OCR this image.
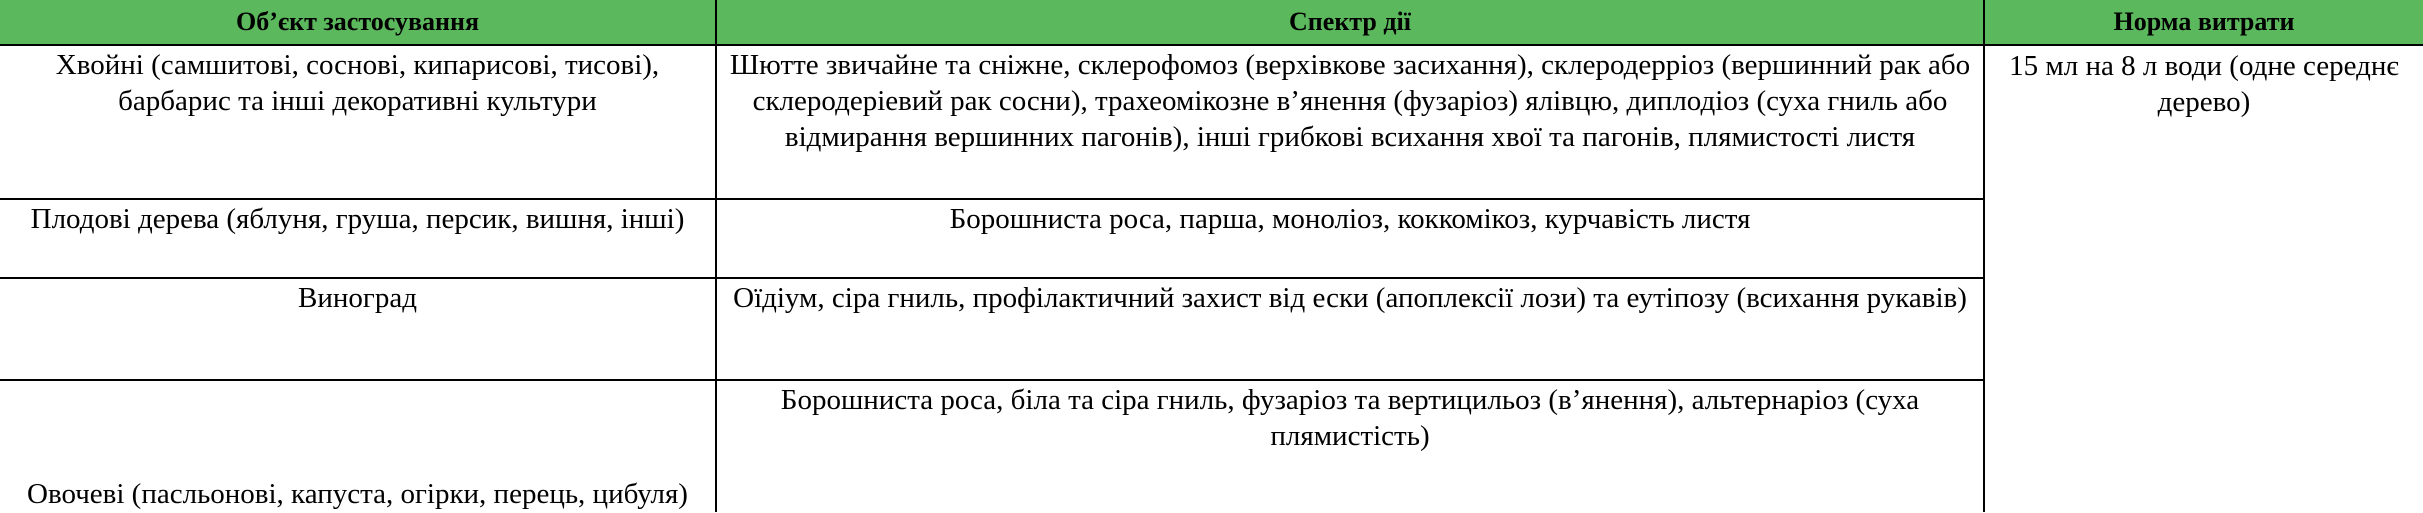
Об’єкт застосування	Спектр дії	Норма витрати
Хвойні (самшитові, соснові, кипарисові, тисові), барбарис та інші декоративні культури	Шютте звичайне та сніжне, склерофомоз (верхівкове засихання), склеродерріоз (вершинний рак або склеродеріевий рак сосни), трахеомікозне в’янення (фузаріоз) ялівцю, диплодіоз (суха гниль або відмирання вершинних пагонів), інші грибкові всихання хвої та пагонів, плямистості листя	15 мл на 8 л води (одне середнє дерево)
Плодові дерева (яблуня, груша, персик, вишня, інші)	Борошниста роса, парша, моноліоз, коккомікоз, курчавість листя	
Виноград	Оїдіум, сіра гниль, профілактичний захист від ески (апоплексії лози) та еутіпозу (всихання рукавів)	
Овочеві (пасльонові, капуста, огірки, перець, цибуля)	Борошниста роса, біла та сіра гниль, фузаріоз та вертицильоз (в’янення), альтернаріоз (суха плямистість)	
